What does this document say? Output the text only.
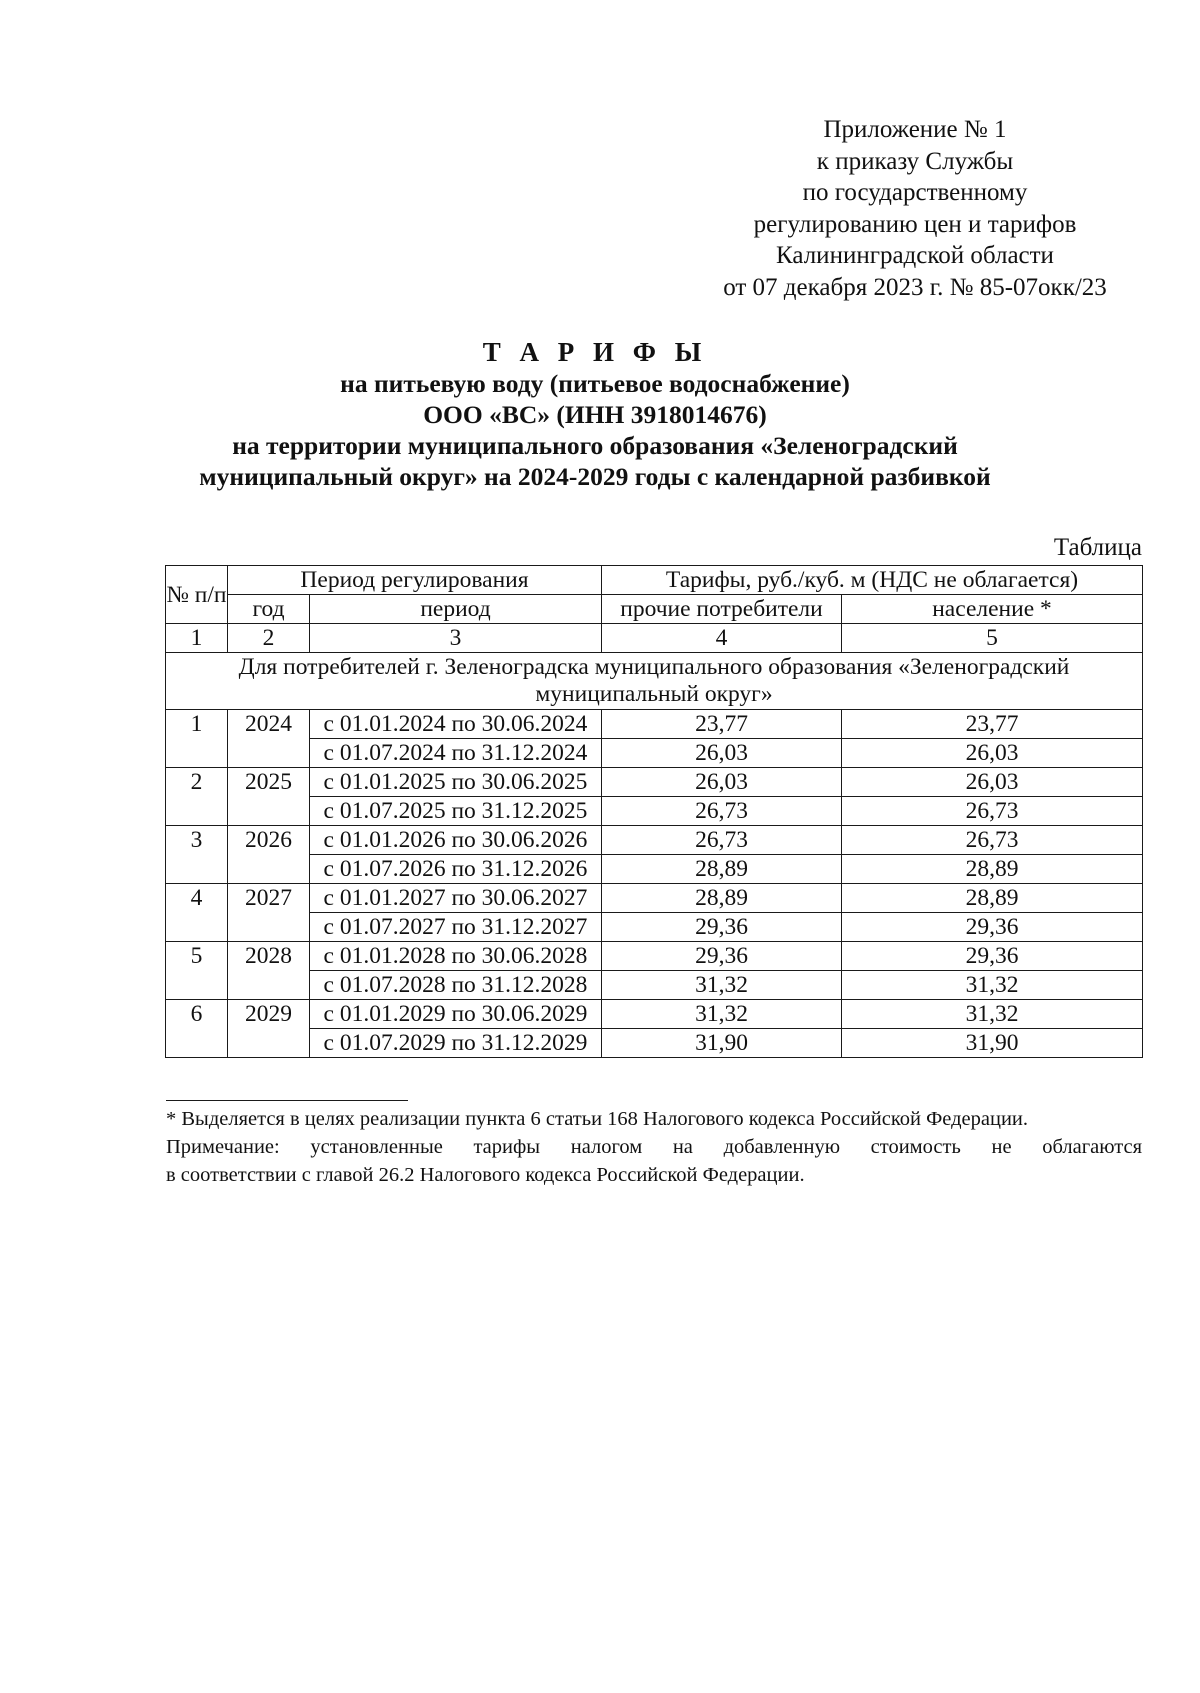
Приложение № 1
к приказу Службы
по государственному
регулированию цен и тарифов
Калининградской области
от 07 декабря 2023 г. № 85-07окк/23
Т А Р И Ф Ы
на питьевую воду (питьевое водоснабжение)
ООО «ВС» (ИНН 3918014676)
на территории муниципального образования «Зеленоградский
муниципальный округ» на 2024-2029 годы с календарной разбивкой
Таблица
№ п/п	Период регулирования		Тарифы, руб./куб. м (НДС не облагается)	
	год	период	прочие потребители	население *
1	2	3	4	5
Для потребителей г. Зеленоградска муниципального образования «Зеленоградский муниципальный округ»				
1	2024	с 01.01.2024 по 30.06.2024	23,77	23,77
		с 01.07.2024 по 31.12.2024	26,03	26,03
2	2025	с 01.01.2025 по 30.06.2025	26,03	26,03
		с 01.07.2025 по 31.12.2025	26,73	26,73
3	2026	с 01.01.2026 по 30.06.2026	26,73	26,73
		с 01.07.2026 по 31.12.2026	28,89	28,89
4	2027	с 01.01.2027 по 30.06.2027	28,89	28,89
		с 01.07.2027 по 31.12.2027	29,36	29,36
5	2028	с 01.01.2028 по 30.06.2028	29,36	29,36
		с 01.07.2028 по 31.12.2028	31,32	31,32
6	2029	с 01.01.2029 по 30.06.2029	31,32	31,32
		с 01.07.2029 по 31.12.2029	31,90	31,90

* Выделяется в целях реализации пункта 6 статьи 168 Налогового кодекса Российской Федерации.

Примечание: установленные тарифы налогом на добавленную стоимость не облагаются

в соответствии с главой 26.2 Налогового кодекса Российской Федерации.
